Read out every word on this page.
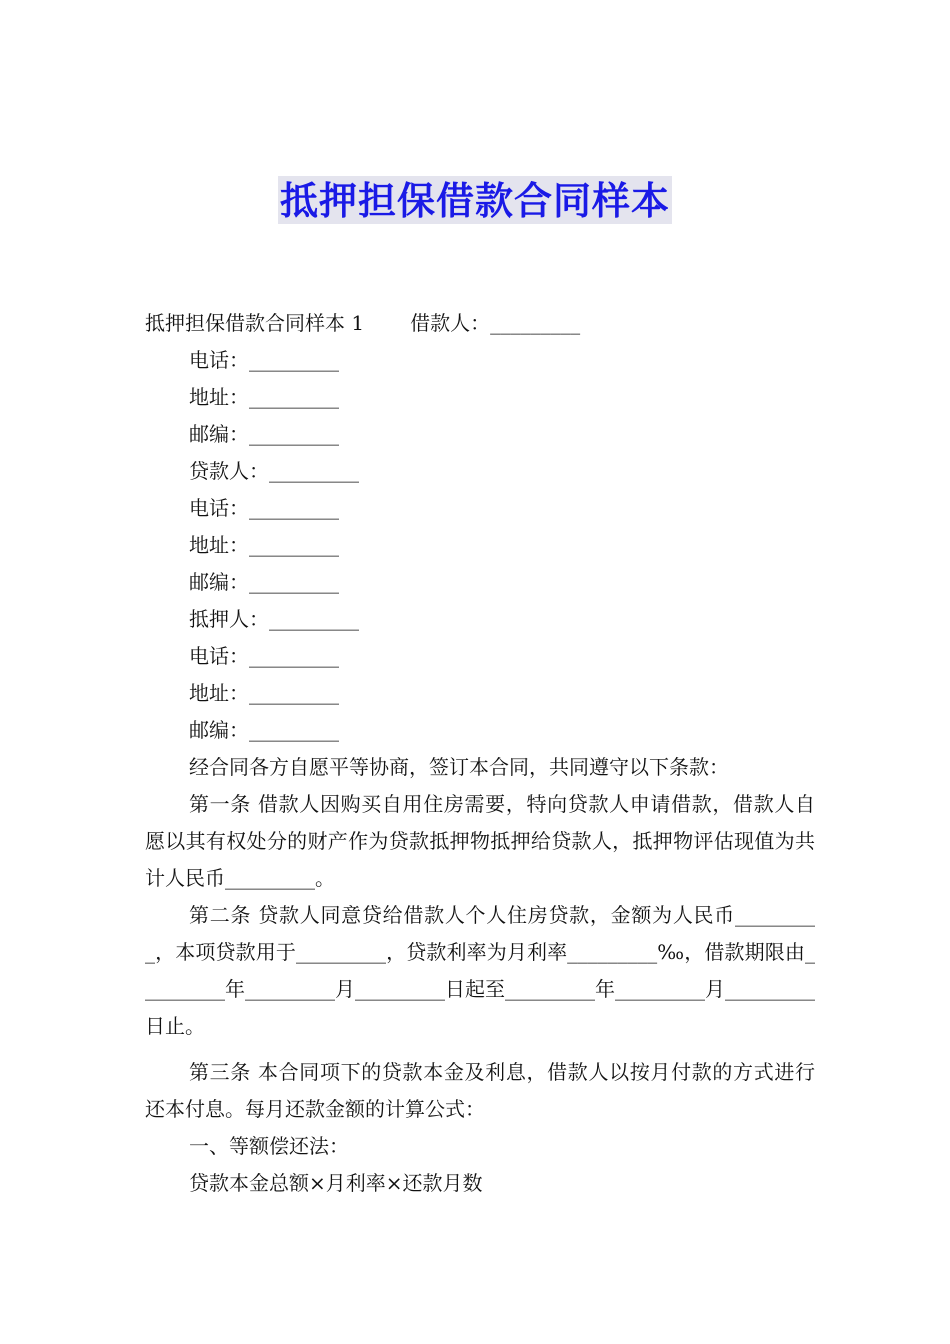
抵押担保借款合同样本
抵押担保借款合同样本 1 借款人：_________
电话：_________
地址：_________
邮编：_________
贷款人：_________
电话：_________
地址：_________
邮编：_________
抵押人：_________
电话：_________
地址：_________
邮编：_________
经合同各方自愿平等协商，签订本合同，共同遵守以下条款：

第一条 借款人因购买自用住房需要，特向贷款人申请借款，借款人自愿以其有权处分的财产作为贷款抵押物抵押给贷款人，抵押物评估现值为共计人民币_________。

第二条 贷款人同意贷给借款人个人住房贷款，金额为人民币_________，本项贷款用于_________，贷款利率为月利率_________‰，借款期限由_________年_________月_________日起至_________年_________月_________日止。

第三条 本合同项下的贷款本金及利息，借款人以按月付款的方式进行还本付息。每月还款金额的计算公式：

一、等额偿还法：
贷款本金总额×月利率×还款月数
